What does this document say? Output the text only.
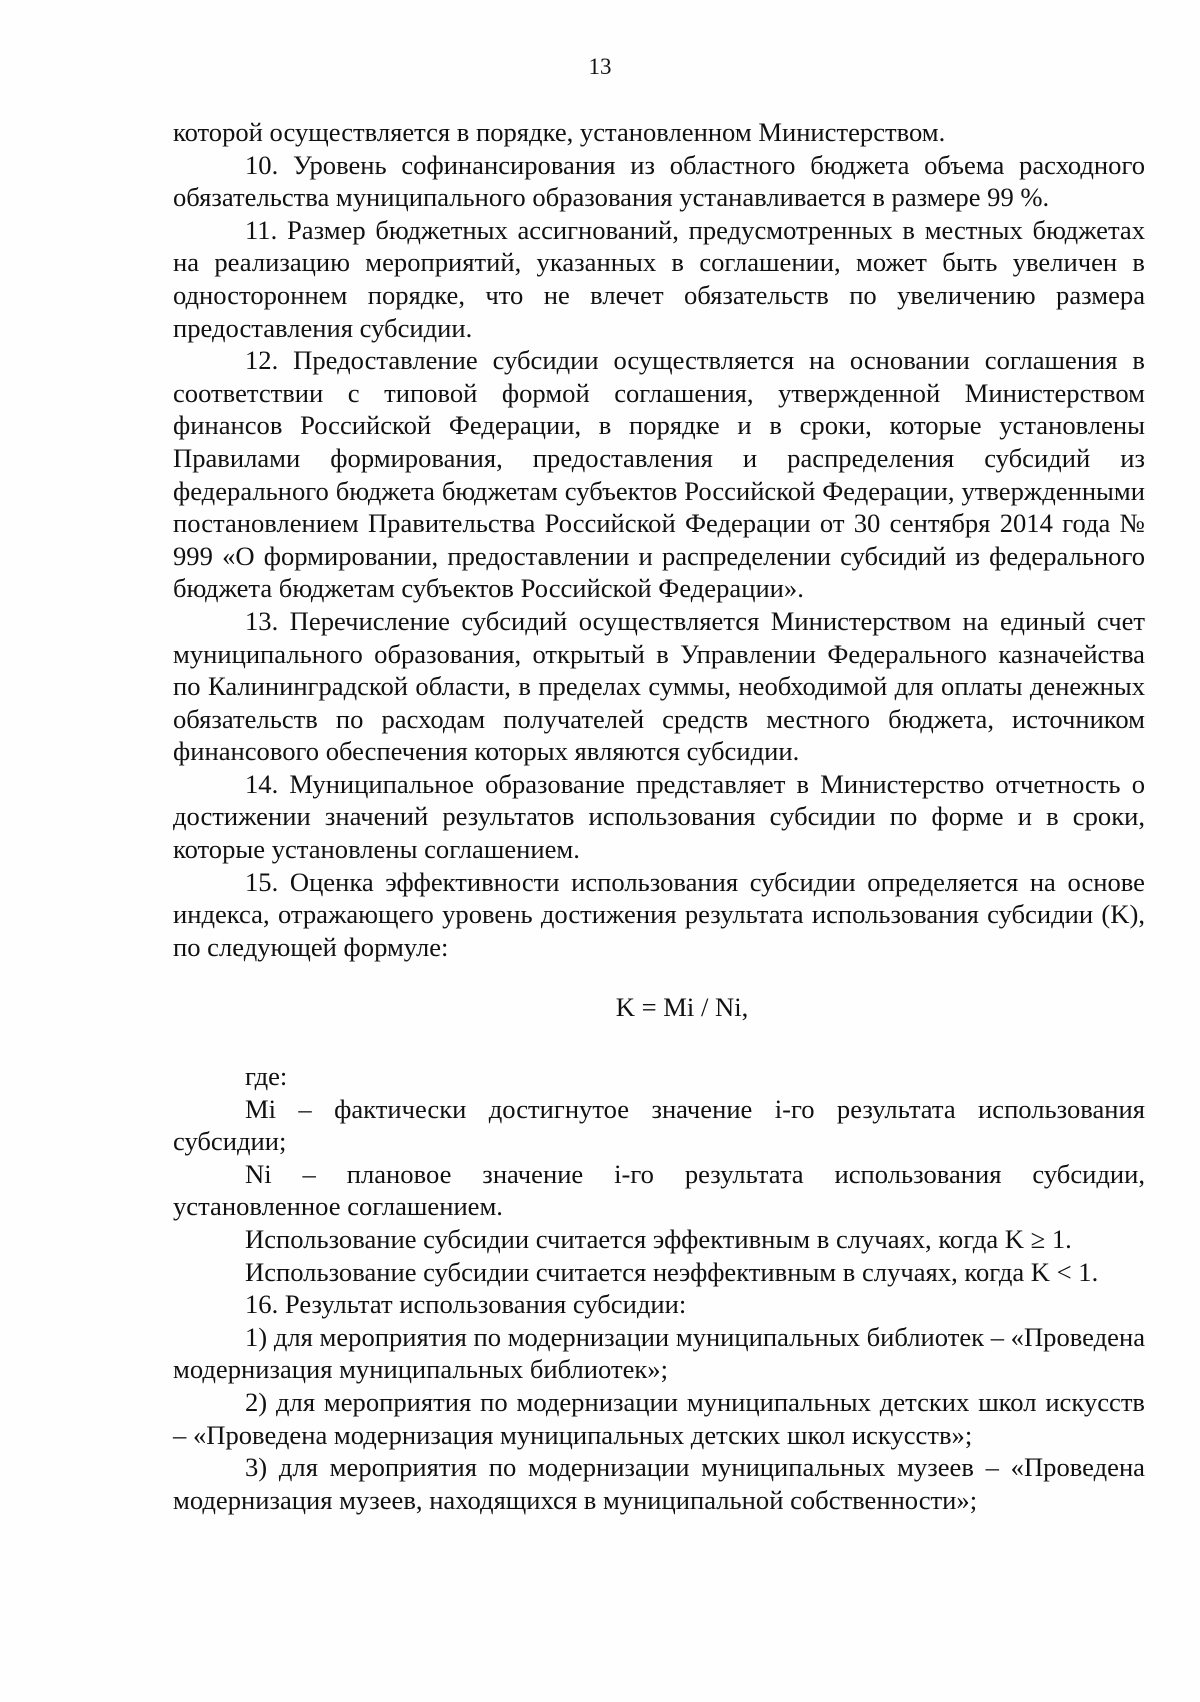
13

которой осуществляется в порядке, установленном Министерством.

10. Уровень софинансирования из областного бюджета объема расходного обязательства муниципального образования устанавливается в размере 99 %.

11. Размер бюджетных ассигнований, предусмотренных в местных бюджетах на реализацию мероприятий, указанных в соглашении, может быть увеличен в одностороннем порядке, что не влечет обязательств по увеличению размера предоставления субсидии.

12. Предоставление субсидии осуществляется на основании соглашения в соответствии с типовой формой соглашения, утвержденной Министерством финансов Российской Федерации, в порядке и в сроки, которые установлены Правилами формирования, предоставления и распределения субсидий из федерального бюджета бюджетам субъектов Российской Федерации, утвержденными постановлением Правительства Российской Федерации от 30 сентября 2014 года № 999 «О формировании, предоставлении и распределении субсидий из федерального бюджета бюджетам субъектов Российской Федерации».

13. Перечисление субсидий осуществляется Министерством на единый счет муниципального образования, открытый в Управлении Федерального казначейства по Калининградской области, в пределах суммы, необходимой для оплаты денежных обязательств по расходам получателей средств местного бюджета, источником финансового обеспечения которых являются субсидии.

14. Муниципальное образование представляет в Министерство отчетность о достижении значений результатов использования субсидии по форме и в сроки, которые установлены соглашением.

15. Оценка эффективности использования субсидии определяется на основе индекса, отражающего уровень достижения результата использования субсидии (K), по следующей формуле:

K = Mi / Ni,

где:

Mi – фактически достигнутое значение i-го результата использования субсидии;

Ni – плановое значение i-го результата использования субсидии, установленное соглашением.

Использование субсидии считается эффективным в случаях, когда K ≥ 1.

Использование субсидии считается неэффективным в случаях, когда K < 1.

16. Результат использования субсидии:

1) для мероприятия по модернизации муниципальных библиотек – «Проведена модернизация муниципальных библиотек»;

2) для мероприятия по модернизации муниципальных детских школ искусств – «Проведена модернизация муниципальных детских школ искусств»;

3) для мероприятия по модернизации муниципальных музеев – «Проведена модернизация музеев, находящихся в муниципальной собственности»;
